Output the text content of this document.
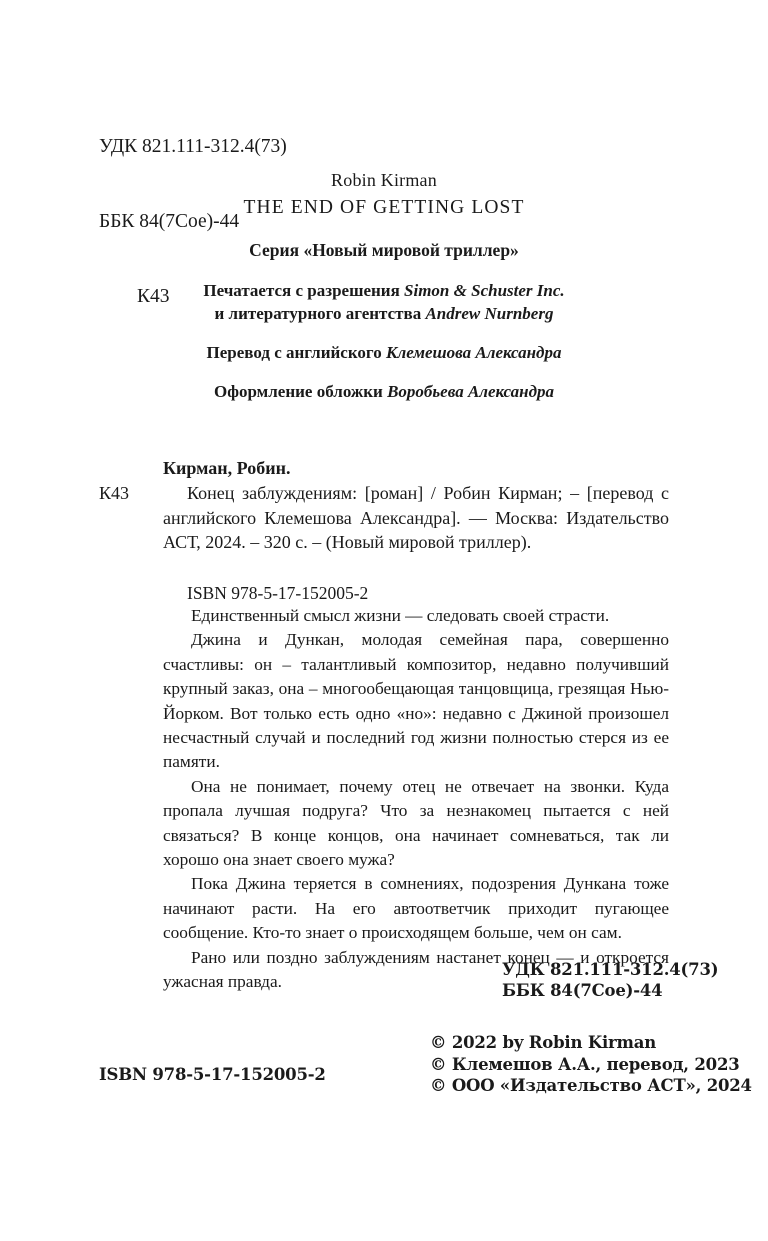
УДК 821.111-312.4(73)

ББК 84(7Сое)-44

К43

Robin Kirman
THE END OF GETTING LOST
Серия «Новый мировой триллер»
Печатается с разрешения Simon & Schuster Inc.
и литературного агентства Andrew Nurnberg
Перевод с английского Клемешова Александра
Оформление обложки Воробьева Александра
К43
Кирман, Робин.
Конец заблуждениям: [роман] / Робин Кирман; – [перевод с английского Клемешова Александра]. — Москва: Издательство АСТ, 2024. – 320 с. – (Новый мировой триллер).
ISBN 978-5-17-152005-2

Единственный смысл жизни — следовать своей страсти.

Джина и Дункан, молодая семейная пара, совершенно счастливы: он – талантливый композитор, недавно получивший крупный заказ, она – многообещающая танцовщица, грезящая Нью-Йорком. Вот только есть одно «но»: недавно с Джиной произошел несчастный случай и последний год жизни полностью стерся из ее памяти.

Она не понимает, почему отец не отвечает на звонки. Куда пропала лучшая подруга? Что за незнакомец пытается с ней связаться? В конце концов, она начинает сомневаться, так ли хорошо она знает своего мужа?

Пока Джина теряется в сомнениях, подозрения Дункана тоже начинают расти. На его автоответчик приходит пугающее сообщение. Кто-то знает о происходящем больше, чем он сам.

Рано или поздно заблуждениям настанет конец — и откроется ужасная правда.

УДК 821.111-312.4(73)
ББК 84(7Сое)-44
ISBN 978-5-17-152005-2
© 2022 by Robin Kirman
© Клемешов А.А., перевод, 2023
© ООО «Издательство АСТ», 2024
